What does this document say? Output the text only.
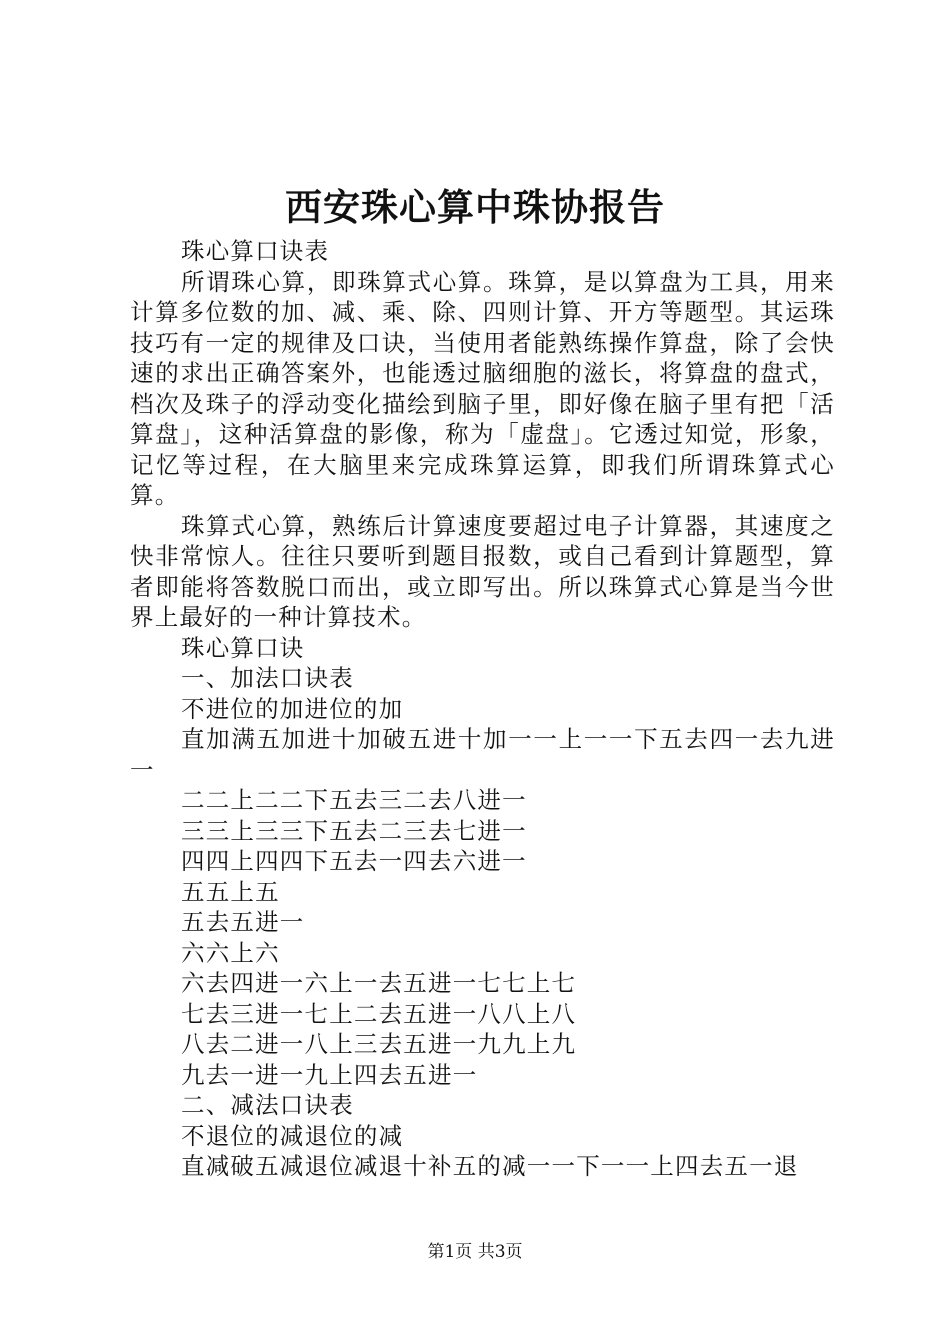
西安珠心算中珠协报告

珠心算口诀表

所谓珠心算，即珠算式心算。珠算，是以算盘为工具，用来计算多位数的加、减、乘、除、四则计算、开方等题型。其运珠技巧有一定的规律及口诀，当使用者能熟练操作算盘，除了会快速的求出正确答案外，也能透过脑细胞的滋长，将算盘的盘式，档次及珠子的浮动变化描绘到脑子里，即好像在脑子里有把「活算盘」，这种活算盘的影像，称为「虚盘」。它透过知觉，形象，记忆等过程，在大脑里来完成珠算运算，即我们所谓珠算式心算。

珠算式心算，熟练后计算速度要超过电子计算器，其速度之快非常惊人。往往只要听到题目报数，或自己看到计算题型，算者即能将答数脱口而出，或立即写出。所以珠算式心算是当今世界上最好的一种计算技术。

珠心算口诀

一、加法口诀表

不进位的加进位的加

直加满五加进十加破五进十加一一上一一下五去四一去九进一

二二上二二下五去三二去八进一

三三上三三下五去二三去七进一

四四上四四下五去一四去六进一

五五上五

五去五进一

六六上六

六去四进一六上一去五进一七七上七

七去三进一七上二去五进一八八上八

八去二进一八上三去五进一九九上九

九去一进一九上四去五进一

二、减法口诀表

不退位的减退位的减

直减破五减退位减退十补五的减一一下一一上四去五一退

第1页 共3页
